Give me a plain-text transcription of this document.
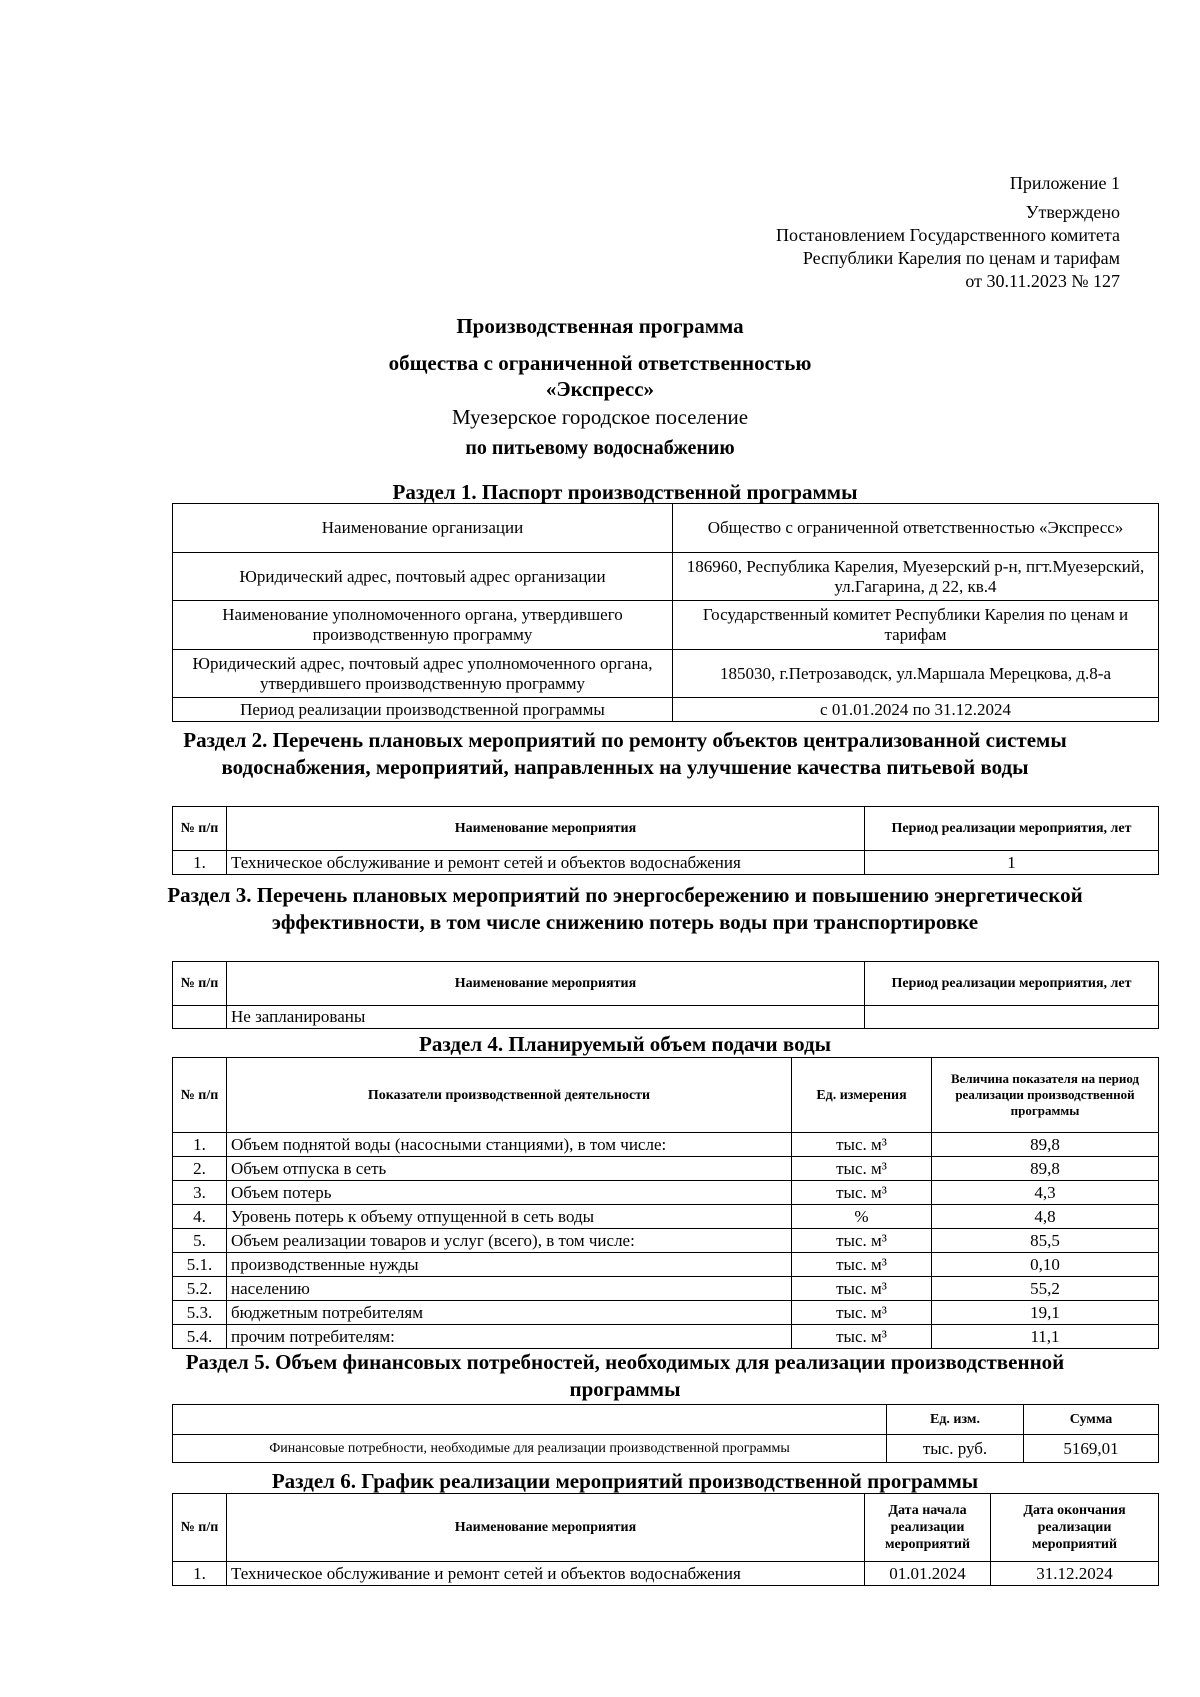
Приложение 1
Утверждено
Постановлением Государственного комитета
Республики Карелия по ценам и тарифам
от 30.11.2023 № 127
Производственная программа
общества с ограниченной ответственностью
«Экспресс»
Муезерское городское поселение
по питьевому водоснабжению
Раздел 1. Паспорт производственной программы
Наименование организации	Общество с ограниченной ответственностью «Экспресс»
Юридический адрес, почтовый адрес организации	186960, Республика Карелия, Муезерский р-н, пгт.Муезерский, ул.Гагарина, д 22, кв.4
Наименование уполномоченного органа, утвердившего производственную программу	Государственный комитет Республики Карелия по ценам и тарифам
Юридический адрес, почтовый адрес уполномоченного органа, утвердившего производственную программу	185030, г.Петрозаводск, ул.Маршала Мерецкова, д.8-а
Период реализации производственной программы	с 01.01.2024 по 31.12.2024
Раздел 2. Перечень плановых мероприятий по ремонту объектов централизованной системы водоснабжения, мероприятий, направленных на улучшение качества питьевой воды
№ п/п	Наименование мероприятия	Период реализации мероприятия, лет
1.	Техническое обслуживание и ремонт сетей и объектов водоснабжения	1
Раздел 3. Перечень плановых мероприятий по энергосбережению и повышению энергетической эффективности, в том числе снижению потерь воды при транспортировке
№ п/п	Наименование мероприятия	Период реализации мероприятия, лет
	Не запланированы	
Раздел 4. Планируемый объем подачи воды
№ п/п	Показатели производственной деятельности	Ед. измерения	Величина показателя на период реализации производственной программы
1.	Объем поднятой воды (насосными станциями), в том числе:	тыс. м³	89,8
2.	Объем отпуска в сеть	тыс. м³	89,8
3.	Объем потерь	тыс. м³	4,3
4.	Уровень потерь к объему отпущенной в сеть воды	%	4,8
5.	Объем реализации товаров и услуг (всего), в том числе:	тыс. м³	85,5
5.1.	производственные нужды	тыс. м³	0,10
5.2.	населению	тыс. м³	55,2
5.3.	бюджетным потребителям	тыс. м³	19,1
5.4.	прочим потребителям:	тыс. м³	11,1
Раздел 5. Объем финансовых потребностей, необходимых для реализации производственной программы
	Ед. изм.	Сумма
Финансовые потребности, необходимые для реализации производственной программы	тыс. руб.	5169,01
Раздел 6. График реализации мероприятий производственной программы
№ п/п	Наименование мероприятия	Дата начала реализации мероприятий	Дата окончания реализации мероприятий
1.	Техническое обслуживание и ремонт сетей и объектов водоснабжения	01.01.2024	31.12.2024
